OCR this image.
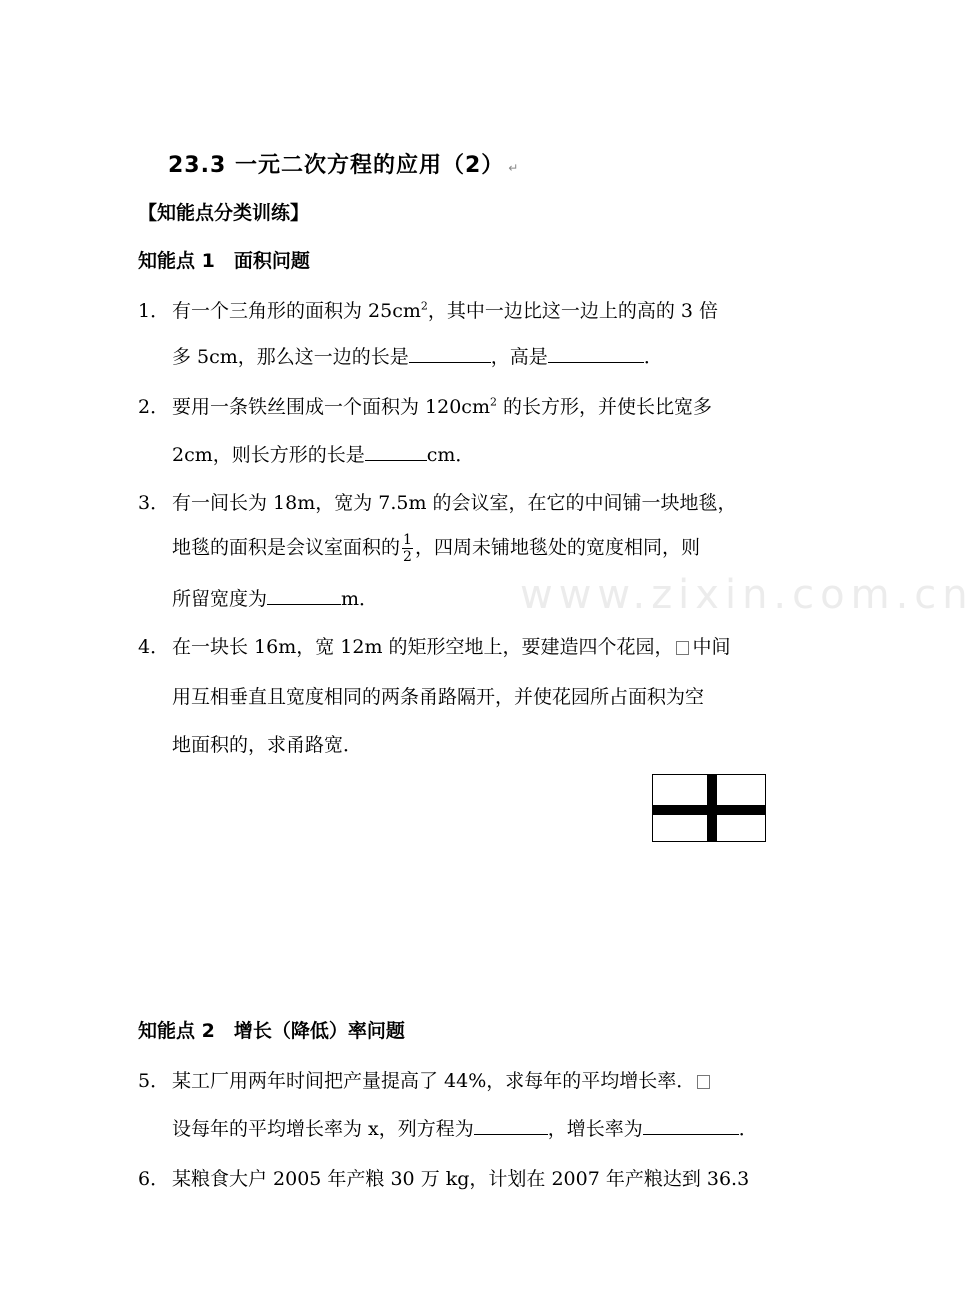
www.zixin.com.cn
23.3 一元二次方程的应用（2） ↵
【知能点分类训练】
知能点 1　面积问题
1． 有一个三角形的面积为 $25cm^2$，其中一边比这一边上的高的 3 倍
多 5cm，那么这一边的长是	，高是	．
2． 要用一条铁丝围成一个面积为 $120cm^2$ 的长方形，并使长比宽多
2cm，则长方形的长是	cm．
3． 有一间长为 18m，宽为 7.5m 的会议室，在它的中间铺一块地毯，
地毯的面积是会议室面积的 $\frac{1}{2}$ ，四周未铺地毯处的宽度相同，则
所留宽度为	m．
4． 在一块长 16m，宽 12m 的矩形空地上，要建造四个花园， 中间
用互相垂直且宽度相同的两条甬路隔开，并使花园所占面积为空
地面积的，求甬路宽．
知能点 2　增长（降低）率问题
5． 某工厂用两年时间把产量提高了 44%，求每年的平均增长率．
设每年的平均增长率为 x，列方程为	，增长率为	．
6． 某粮食大户 2005 年产粮 30 万 kg，计划在 2007 年产粮达到 36.3
